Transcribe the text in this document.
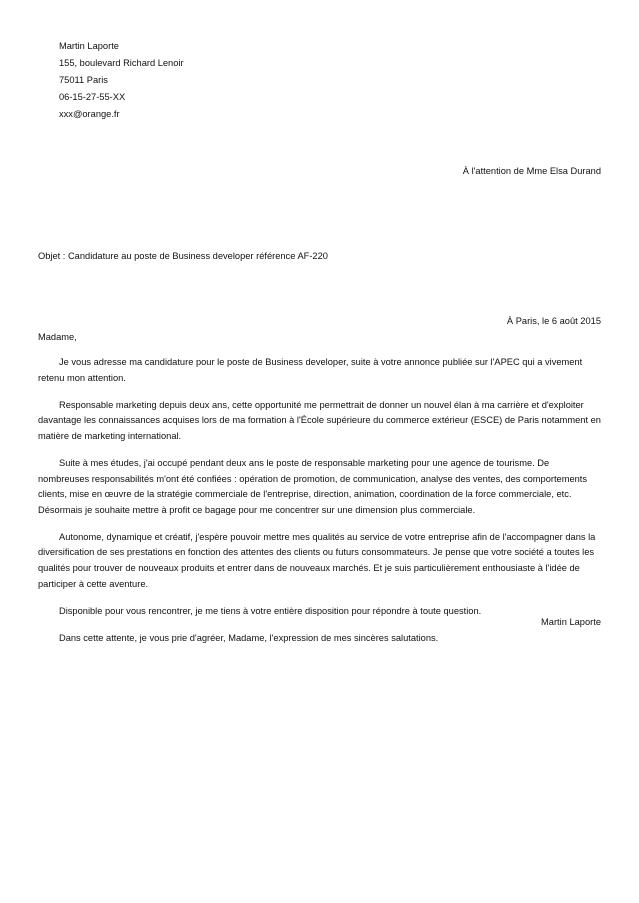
Martin Laporte
155, boulevard Richard Lenoir
75011 Paris
06-15-27-55-XX
xxx@orange.fr
À l'attention de Mme Elsa Durand
Objet : Candidature au poste de Business developer référence AF-220
À Paris, le 6 août 2015
Madame,

Je vous adresse ma candidature pour le poste de Business developer, suite à votre annonce publiée sur l'APEC qui a vivement retenu mon attention.

Responsable marketing depuis deux ans, cette opportunité me permettrait de donner un nouvel élan à ma carrière et d'exploiter davantage les connaissances acquises lors de ma formation à l'École supérieure du commerce extérieur (ESCE) de Paris notamment en matière de marketing international.

Suite à mes études, j'ai occupé pendant deux ans le poste de responsable marketing pour une agence de tourisme. De nombreuses responsabilités m'ont été confiées : opération de promotion, de communication, analyse des ventes, des comportements clients, mise en œuvre de la stratégie commerciale de l'entreprise, direction, animation, coordination de la force commerciale, etc. Désormais je souhaite mettre à profit ce bagage pour me concentrer sur une dimension plus commerciale.

Autonome, dynamique et créatif, j'espère pouvoir mettre mes qualités au service de votre entreprise afin de l'accompagner dans la diversification de ses prestations en fonction des attentes des clients ou futurs consommateurs. Je pense que votre société a toutes les qualités pour trouver de nouveaux produits et entrer dans de nouveaux marchés. Et je suis particulièrement enthousiaste à l'idée de participer à cette aventure.

Disponible pour vous rencontrer, je me tiens à votre entière disposition pour répondre à toute question.

Dans cette attente, je vous prie d'agréer, Madame, l'expression de mes sincères salutations.

Martin Laporte
